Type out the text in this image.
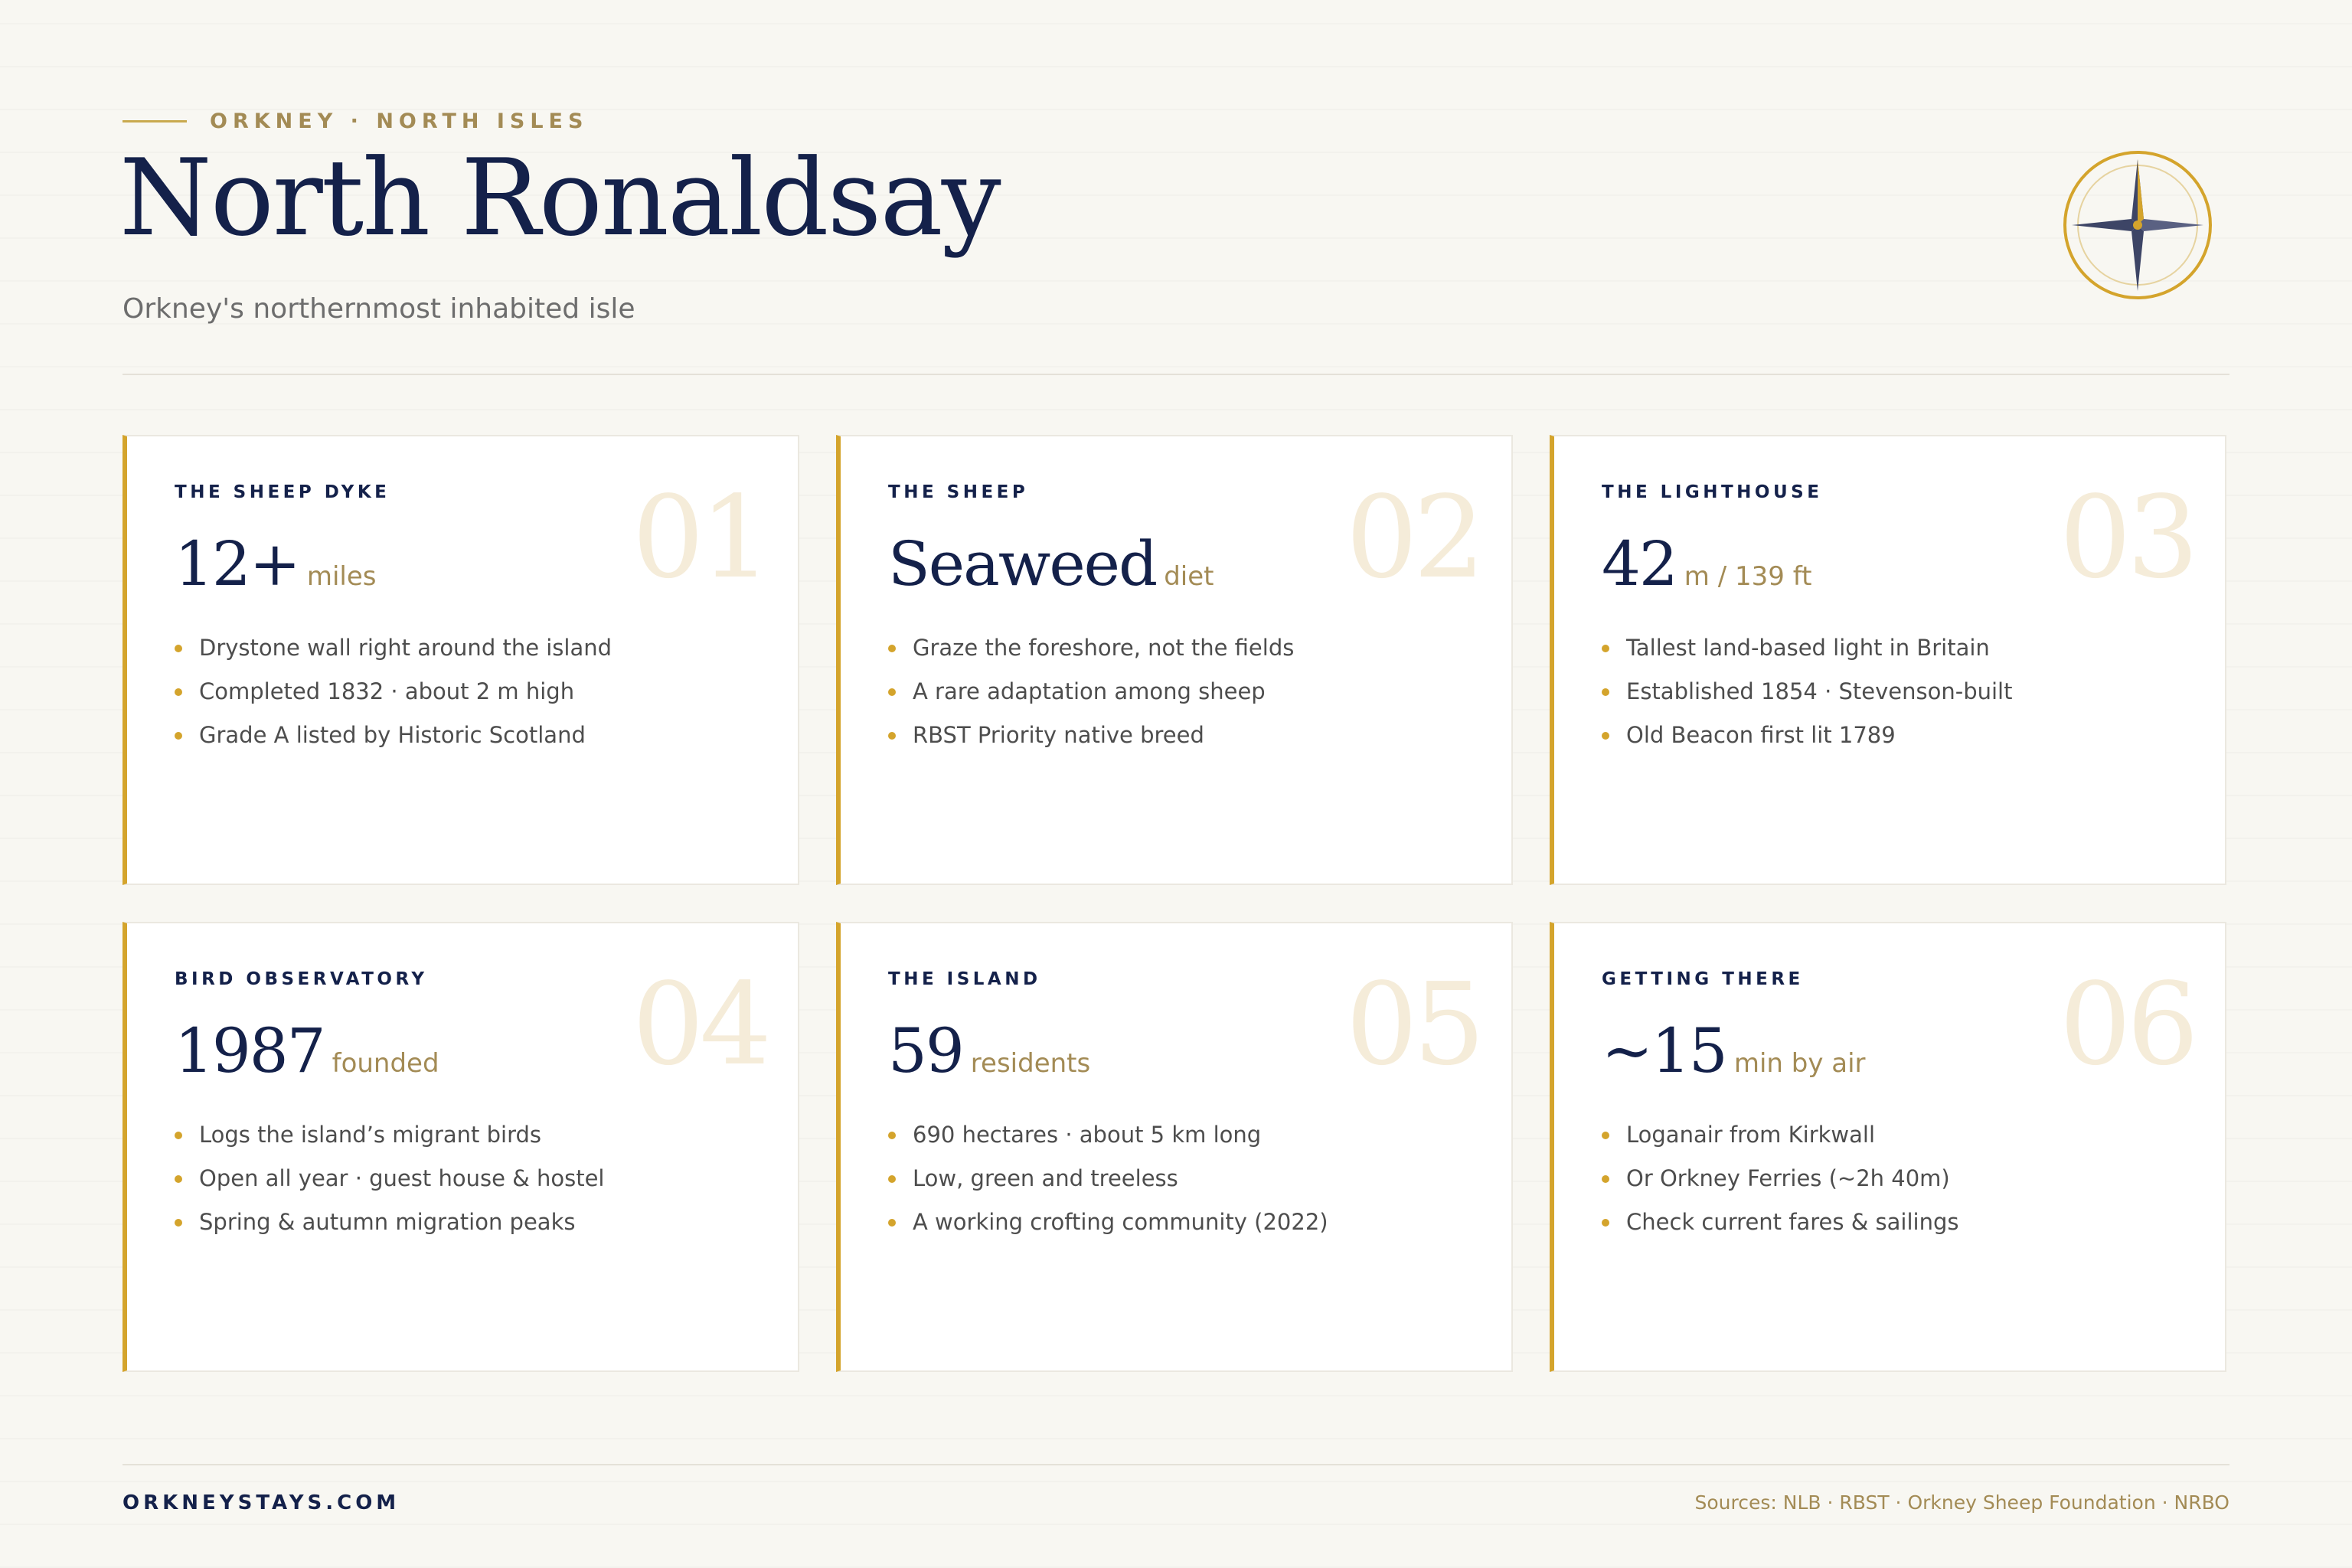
ORKNEY · NORTH ISLES
North Ronaldsay
Orkney's northernmost inhabited isle
01
THE SHEEP DYKE
12+ miles
Drystone wall right around the island
Completed 1832 · about 2 m high
Grade A listed by Historic Scotland
02
THE SHEEP
Seaweed diet
Graze the foreshore, not the fields
A rare adaptation among sheep
RBST Priority native breed
03
THE LIGHTHOUSE
42 m / 139 ft
Tallest land-based light in Britain
Established 1854 · Stevenson-built
Old Beacon first lit 1789
04
BIRD OBSERVATORY
1987 founded
Logs the island’s migrant birds
Open all year · guest house & hostel
Spring & autumn migration peaks
05
THE ISLAND
59 residents
690 hectares · about 5 km long
Low, green and treeless
A working crofting community (2022)
06
GETTING THERE
~15 min by air
Loganair from Kirkwall
Or Orkney Ferries (~2h 40m)
Check current fares & sailings
ORKNEYSTAYS.COM	Sources: NLB · RBST · Orkney Sheep Foundation · NRBO
